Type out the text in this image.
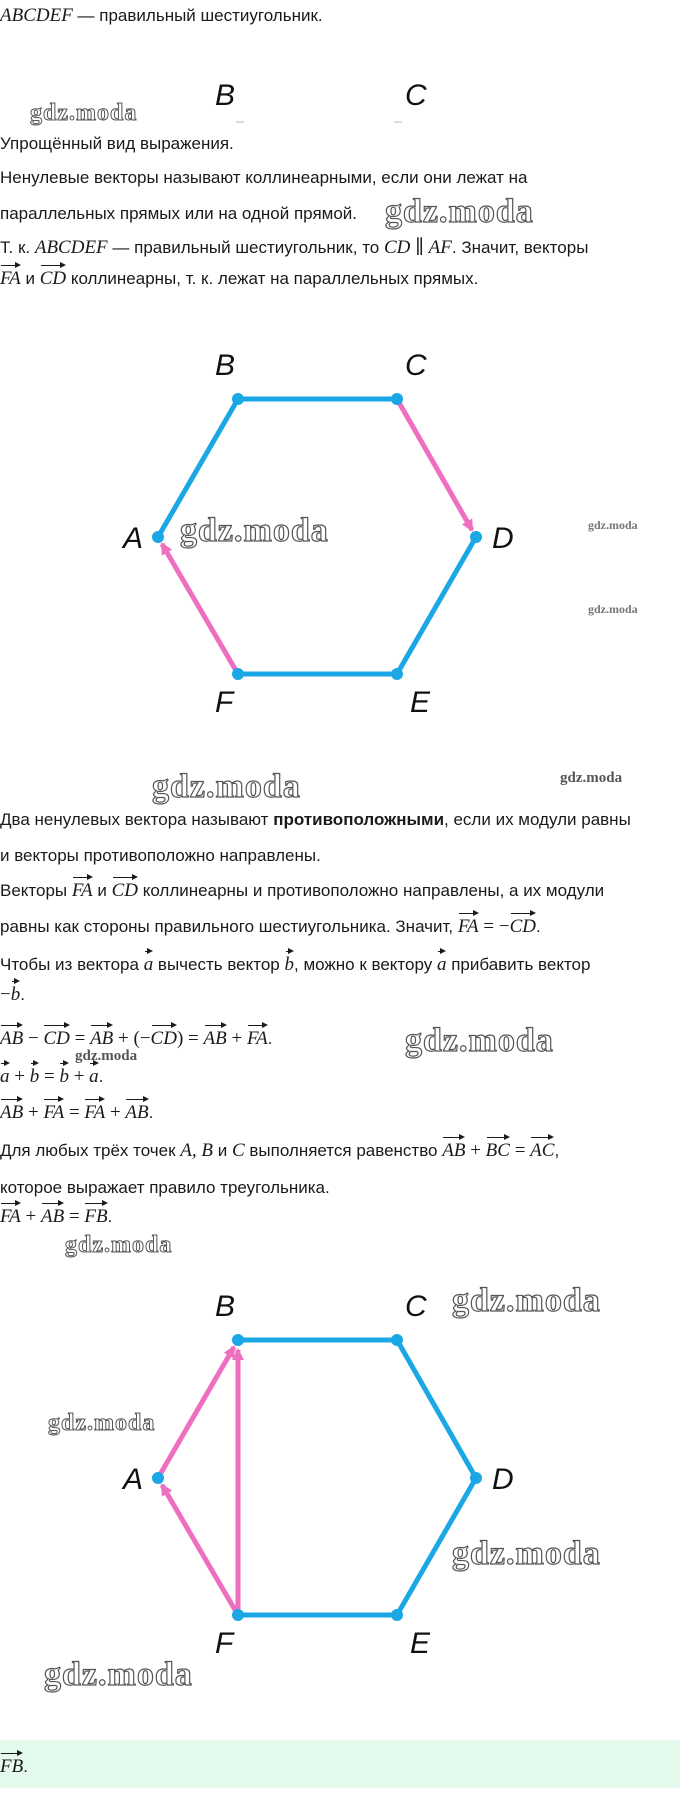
ABCDEF — правильный шестиугольник.
B	C
Упрощённый вид выражения.
Ненулевые векторы называют коллинеарными, если они лежат на
параллельных прямых или на одной прямой.
Т. к. ABCDEF — правильный шестиугольник, то CD ∥ AF. Значит, векторы
FA и CD коллинеарны, т. к. лежат на параллельных прямых.
A
B	C
D
E
F
Два ненулевых вектора называют противоположными, если их модули равны
и векторы противоположно направлены.
Векторы FA и CD коллинеарны и противоположно направлены, а их модули
равны как стороны правильного шестиугольника. Значит, FA = −CD.
Чтобы из вектора a вычесть вектор b, можно к вектору a прибавить вектор
−b.
AB − CD = AB + (−CD) = AB + FA.
a + b = b + a.
AB + FA = FA + AB.
Для любых трёх точек A, B и C выполняется равенство AB + BC = AC,
которое выражает правило треугольника.
FA + AB = FB.
A
B	C
D
E
F
FB.
gdz.moda
gdz.moda
gdz.moda	gdz.moda
gdz.moda
gdz.moda	gdz.moda
gdz.moda
gdz.moda
gdz.moda
gdz.moda
gdz.moda
gdz.moda
gdz.moda
